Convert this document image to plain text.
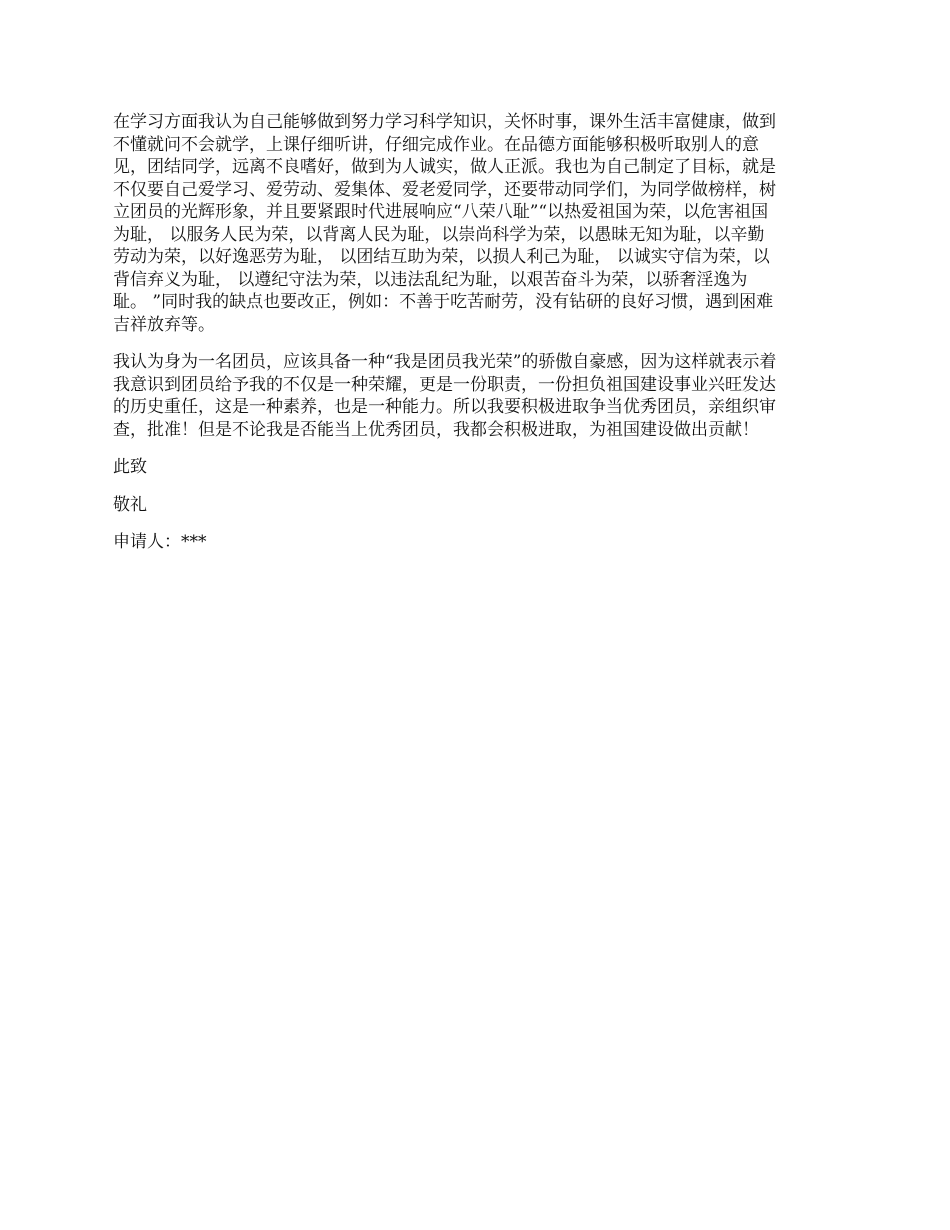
在学习方面我认为自己能够做到努力学习科学知识，关怀时事，课外生活丰富健康，做到
不懂就问不会就学，上课仔细听讲，仔细完成作业。在品德方面能够积极听取别人的意
见，团结同学，远离不良嗜好，做到为人诚实，做人正派。我也为自己制定了目标，就是
不仅要自己爱学习、爱劳动、爱集体、爱老爱同学，还要带动同学们，为同学做榜样，树
立团员的光辉形象，并且要紧跟时代进展响应“八荣八耻”“以热爱祖国为荣，以危害祖国
为耻， 以服务人民为荣，以背离人民为耻，以崇尚科学为荣，以愚昧无知为耻，以辛勤
劳动为荣，以好逸恶劳为耻， 以团结互助为荣，以损人利己为耻， 以诚实守信为荣，以
背信弃义为耻， 以遵纪守法为荣，以违法乱纪为耻，以艰苦奋斗为荣，以骄奢淫逸为
耻。 ”同时我的缺点也要改正，例如：不善于吃苦耐劳，没有钻研的良好习惯，遇到困难
吉祥放弃等。
我认为身为一名团员，应该具备一种“我是团员我光荣”的骄傲自豪感，因为这样就表示着
我意识到团员给予我的不仅是一种荣耀，更是一份职责，一份担负祖国建设事业兴旺发达
的历史重任，这是一种素养，也是一种能力。所以我要积极进取争当优秀团员，亲组织审
查，批准！但是不论我是否能当上优秀团员，我都会积极进取，为祖国建设做出贡献！
此致
敬礼
申请人：***
